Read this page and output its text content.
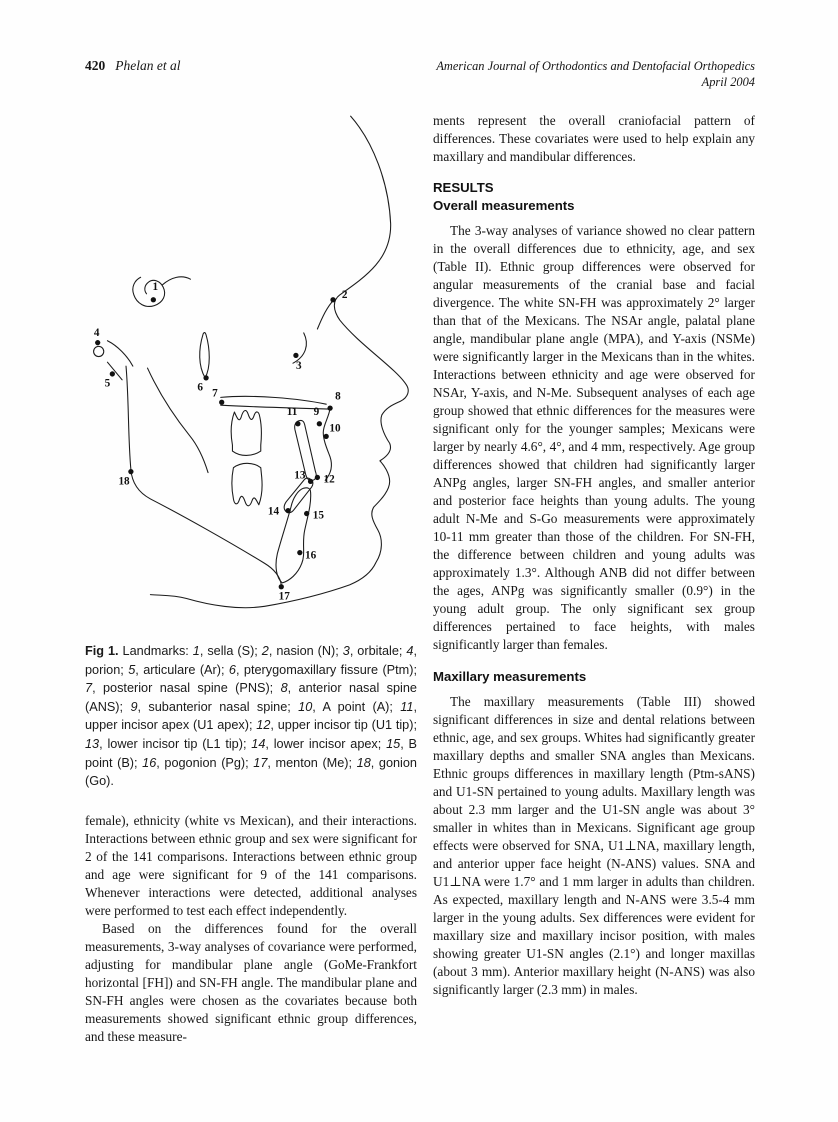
420 Phelan et al	American Journal of Orthodontics and Dentofacial Orthopedics
April 2004
1
2
3
4
5	6 7	8
9
10
11
12
13
14	15
16
17
18
Fig 1. Landmarks: 1, sella (S); 2, nasion (N); 3, orbitale; 4, porion; 5, articulare (Ar); 6, pterygomaxillary fissure (Ptm); 7, posterior nasal spine (PNS); 8, anterior nasal spine (ANS); 9, subanterior nasal spine; 10, A point (A); 11, upper incisor apex (U1 apex); 12, upper incisor tip (U1 tip); 13, lower incisor tip (L1 tip); 14, lower incisor apex; 15, B point (B); 16, pogonion (Pg); 17, menton (Me); 18, gonion (Go).

female), ethnicity (white vs Mexican), and their interactions. Interactions between ethnic group and sex were significant for 2 of the 141 comparisons. Interactions between ethnic group and age were significant for 9 of the 141 comparisons. Whenever interactions were detected, additional analyses were performed to test each effect independently.

Based on the differences found for the overall measurements, 3-way analyses of covariance were performed, adjusting for mandibular plane angle (GoMe-Frankfort horizontal [FH]) and SN-FH angle. The mandibular plane and SN-FH angles were chosen as the covariates because both measurements showed significant ethnic group differences, and these measure-

ments represent the overall craniofacial pattern of differences. These covariates were used to help explain any maxillary and mandibular differences.

RESULTS
Overall measurements

The 3-way analyses of variance showed no clear pattern in the overall differences due to ethnicity, age, and sex (Table II). Ethnic group differences were observed for angular measurements of the cranial base and facial divergence. The white SN-FH was approximately 2° larger than that of the Mexicans. The NSAr angle, palatal plane angle, mandibular plane angle (MPA), and Y-axis (NSMe) were significantly larger in the Mexicans than in the whites. Interactions between ethnicity and age were observed for NSAr, Y-axis, and N-Me. Subsequent analyses of each age group showed that ethnic differences for the measures were significant only for the younger samples; Mexicans were larger by nearly 4.6°, 4°, and 4 mm, respectively. Age group differences showed that children had significantly larger ANPg angles, larger SN-FH angles, and smaller anterior and posterior face heights than young adults. The young adult N-Me and S-Go measurements were approximately 10-11 mm greater than those of the children. For SN-FH, the difference between children and young adults was approximately 1.3°. Although ANB did not differ between the ages, ANPg was significantly smaller (0.9°) in the young adult group. The only significant sex group differences pertained to face heights, with males significantly larger than females.

Maxillary measurements

The maxillary measurements (Table III) showed significant differences in size and dental relations between ethnic, age, and sex groups. Whites had significantly greater maxillary depths and smaller SNA angles than Mexicans. Ethnic groups differences in maxillary length (Ptm-sANS) and U1-SN pertained to young adults. Maxillary length was about 2.3 mm larger and the U1-SN angle was about 3° smaller in whites than in Mexicans. Significant age group effects were observed for SNA, U1⊥NA, maxillary length, and anterior upper face height (N-ANS) values. SNA and U1⊥NA were 1.7° and 1 mm larger in adults than children. As expected, maxillary length and N-ANS were 3.5-4 mm larger in the young adults. Sex differences were evident for maxillary size and maxillary incisor position, with males showing greater U1-SN angles (2.1°) and longer maxillas (about 3 mm). Anterior maxillary height (N-ANS) was also significantly larger (2.3 mm) in males.
